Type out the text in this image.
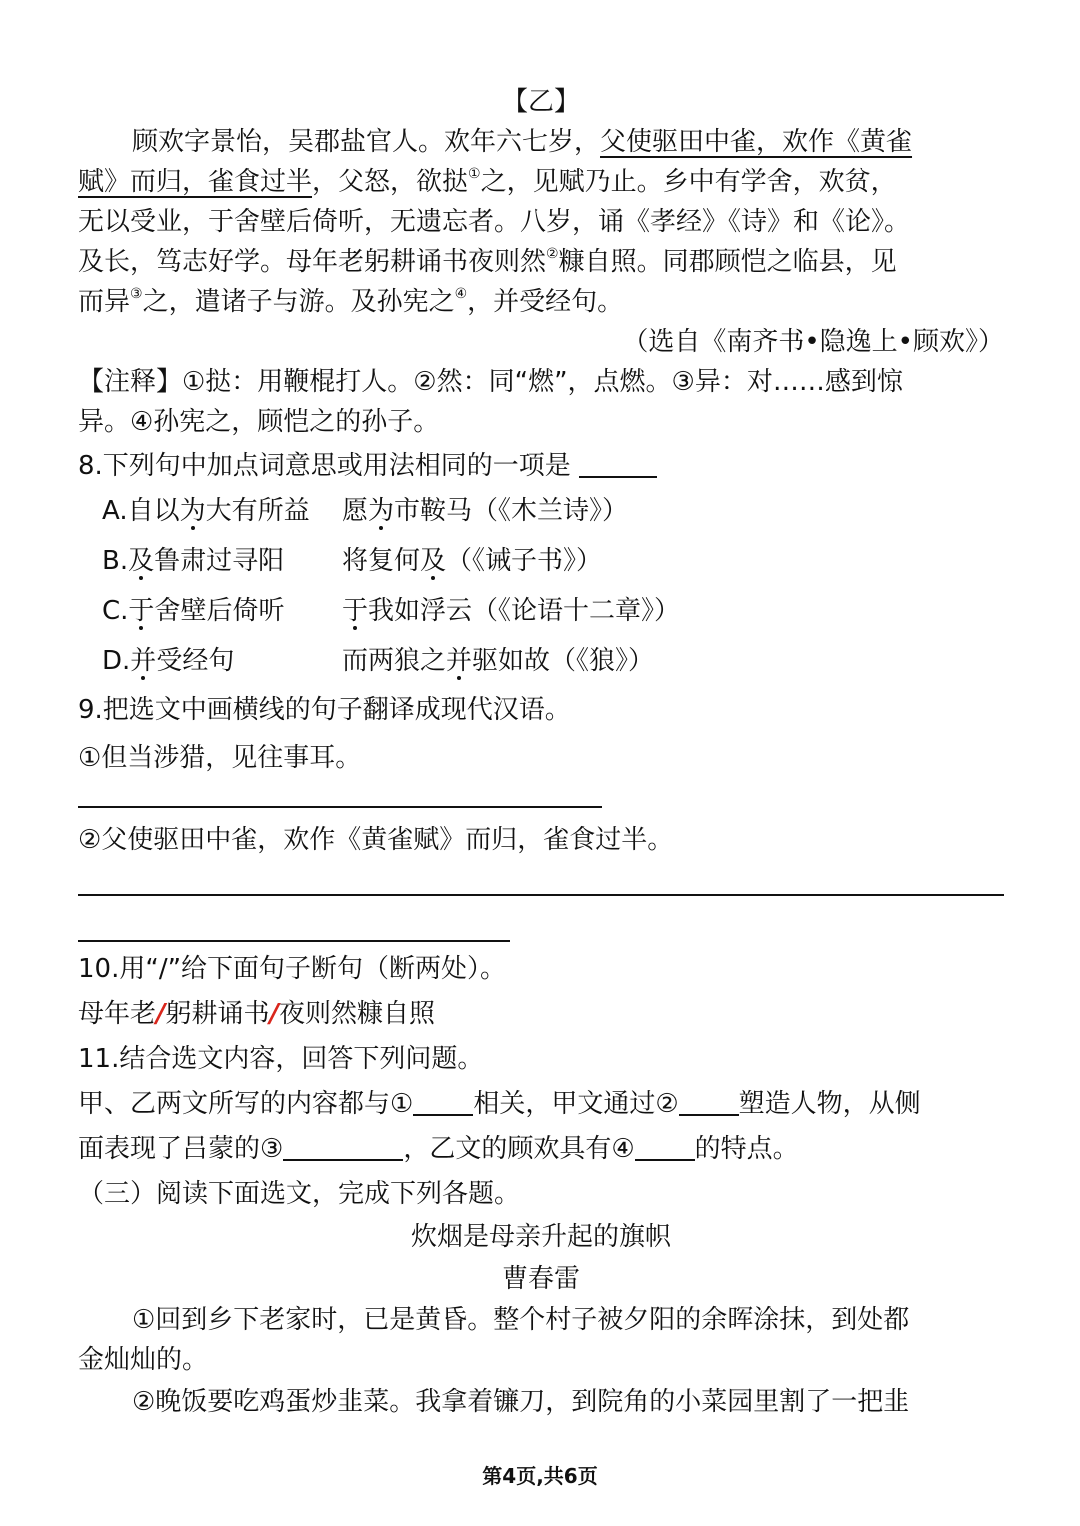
【乙】
顾欢字景怡，吴郡盐官人。欢年六七岁，父使驱田中雀，欢作《黄雀
赋》而归，雀食过半，父怒，欲挞①之，见赋乃止。乡中有学舍，欢贫，
无以受业，于舍壁后倚听，无遗忘者。八岁，诵《孝经》《诗》和《论》。
及长，笃志好学。母年老躬耕诵书夜则然②糠自照。同郡顾恺之临县，见
而异③之，遣诸子与游。及孙宪之④，并受经句。
（选自《南齐书•隐逸上•顾欢》）
【注释】①挞：用鞭棍打人。②然：同“燃”，点燃。③异：对……感到惊
异。④孙宪之，顾恺之的孙子。
8.下列句中加点词意思或用法相同的一项是
A.自以为大有所益 愿为市鞍马（《木兰诗》）
B.及鲁肃过寻阳 将复何及（《诫子书》）
C.于舍壁后倚听 于我如浮云（《论语十二章》）
D.并受经句	而两狼之并驱如故（《狼》）
9.把选文中画横线的句子翻译成现代汉语。
①但当涉猎，见往事耳。
②父使驱田中雀，欢作《黄雀赋》而归，雀食过半。
10.用“/”给下面句子断句（断两处）。
母年老/躬耕诵书/夜则然糠自照
11.结合选文内容，回答下列问题。
甲、乙两文所写的内容都与① 相关，甲文通过② 塑造人物，从侧
面表现了吕蒙的③	，乙文的顾欢具有④ 的特点。
（三）阅读下面选文，完成下列各题。
炊烟是母亲升起的旗帜
曹春雷
①回到乡下老家时，已是黄昏。整个村子被夕阳的余晖涂抹，到处都
金灿灿的。
②晚饭要吃鸡蛋炒韭菜。我拿着镰刀，到院角的小菜园里割了一把韭
第4页,共6页
